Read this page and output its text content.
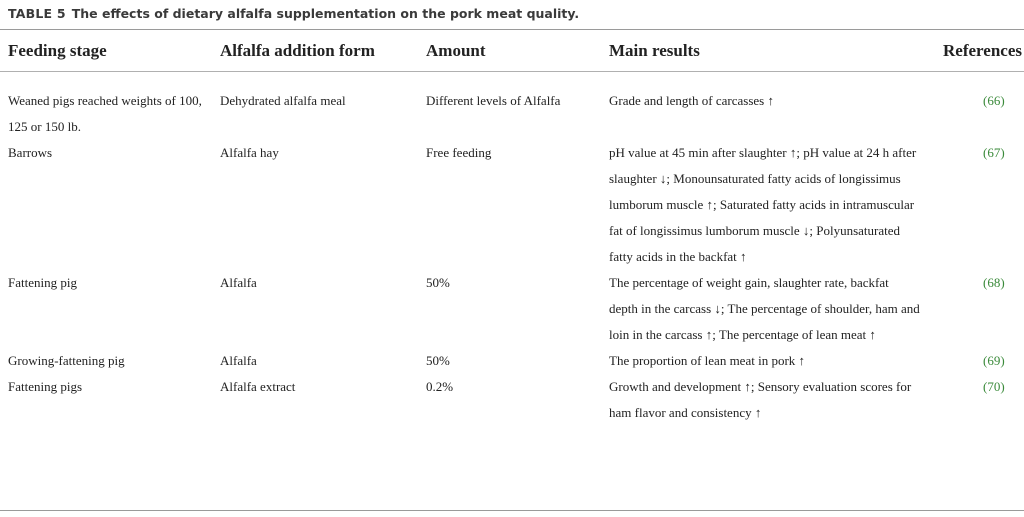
TABLE 5 The effects of dietary alfalfa supplementation on the pork meat quality.
Feeding stage	Alfalfa addition form	Amount	Main results	References
Weaned pigs reached weights of 100, 125 or 150 lb.	Dehydrated alfalfa meal	Different levels of Alfalfa	Grade and length of carcasses ↑	(66)
Barrows	Alfalfa hay	Free feeding	pH value at 45 min after slaughter ↑; pH value at 24 h after slaughter ↓; Monounsaturated fatty acids of longissimus lumborum muscle ↑; Saturated fatty acids in intramuscular fat of longissimus lumborum muscle ↓; Polyunsaturated fatty acids in the backfat ↑	(67)
Fattening pig	Alfalfa	50%	The percentage of weight gain, slaughter rate, backfat depth in the carcass ↓; The percentage of shoulder, ham and loin in the carcass ↑; The percentage of lean meat ↑	(68)
Growing-fattening pig	Alfalfa	50%	The proportion of lean meat in pork ↑	(69)
Fattening pigs	Alfalfa extract	0.2%	Growth and development ↑; Sensory evaluation scores for ham flavor and consistency ↑	(70)
